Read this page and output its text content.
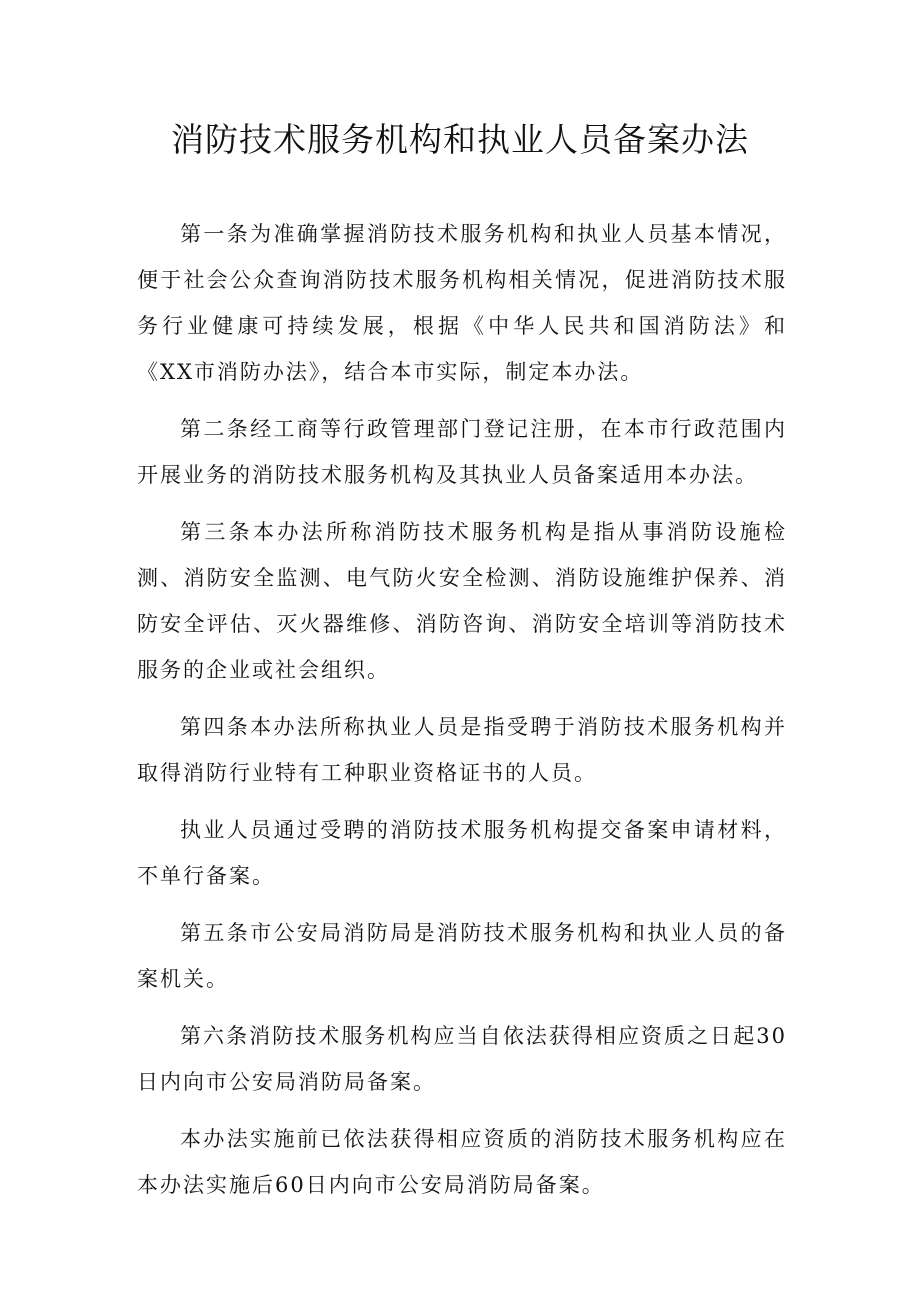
消防技术服务机构和执业人员备案办法

第一条为准确掌握消防技术服务机构和执业人员基本情况，便于社会公众查询消防技术服务机构相关情况，促进消防技术服务行业健康可持续发展，根据《中华人民共和国消防法》和《XX市消防办法》，结合本市实际，制定本办法。

第二条经工商等行政管理部门登记注册，在本市行政范围内开展业务的消防技术服务机构及其执业人员备案适用本办法。

第三条本办法所称消防技术服务机构是指从事消防设施检测、消防安全监测、电气防火安全检测、消防设施维护保养、消防安全评估、灭火器维修、消防咨询、消防安全培训等消防技术服务的企业或社会组织。

第四条本办法所称执业人员是指受聘于消防技术服务机构并取得消防行业特有工种职业资格证书的人员。

执业人员通过受聘的消防技术服务机构提交备案申请材料，不单行备案。

第五条市公安局消防局是消防技术服务机构和执业人员的备案机关。

第六条消防技术服务机构应当自依法获得相应资质之日起30日内向市公安局消防局备案。

本办法实施前已依法获得相应资质的消防技术服务机构应在本办法实施后60日内向市公安局消防局备案。
